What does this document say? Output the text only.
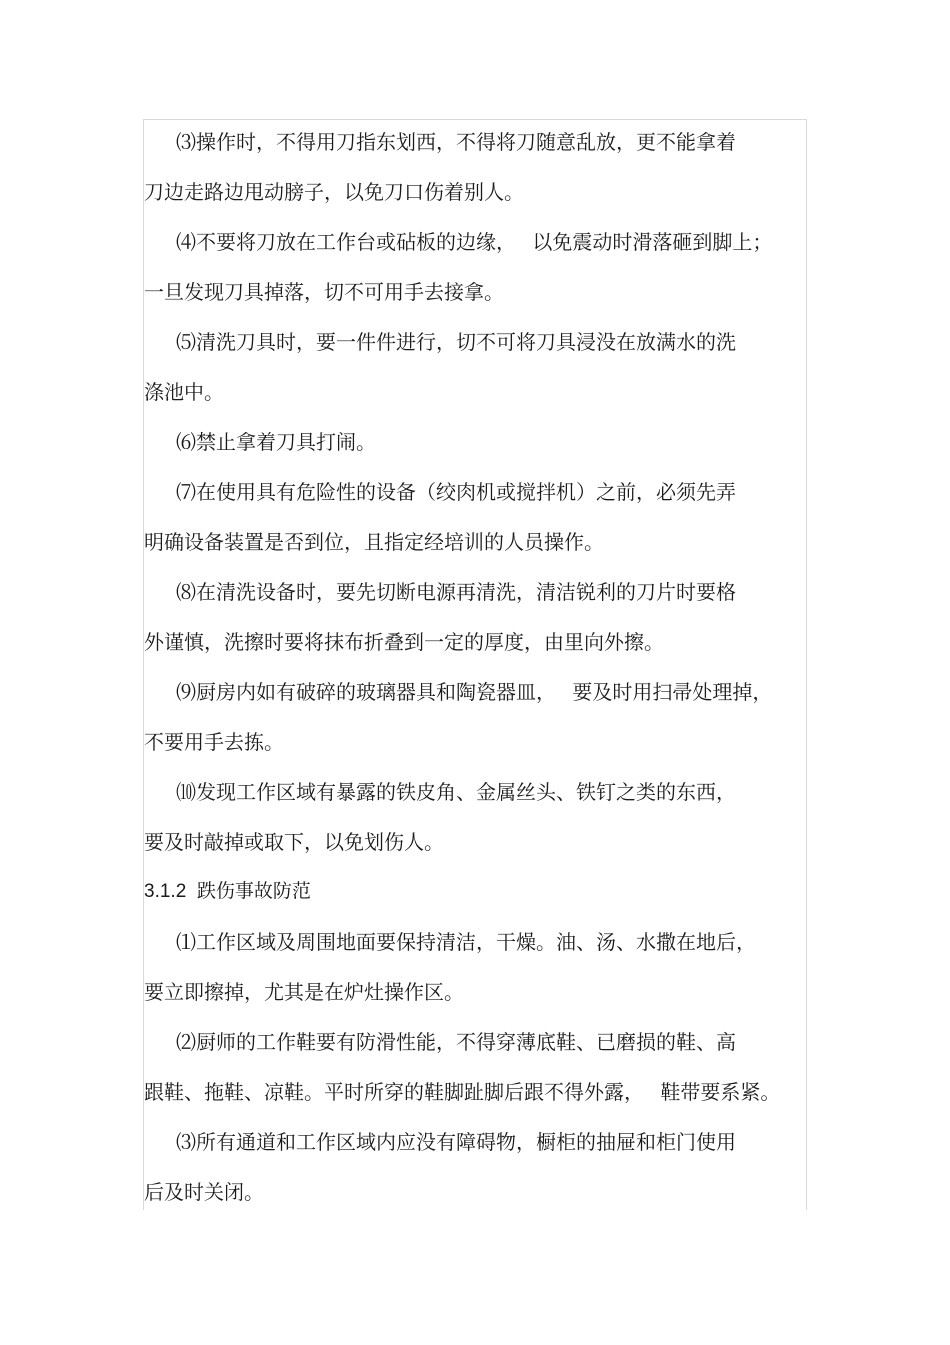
⑶操作时，不得用刀指东划西，不得将刀随意乱放，更不能拿着
刀边走路边甩动膀子，以免刀口伤着别人。
⑷不要将刀放在工作台或砧板的边缘，　 以免震动时滑落砸到脚上；
一旦发现刀具掉落，切不可用手去接拿。
⑸清洗刀具时，要一件件进行，切不可将刀具浸没在放满水的洗
涤池中。
⑹禁止拿着刀具打闹。
⑺在使用具有危险性的设备（绞肉机或搅拌机）之前，必须先弄
明确设备装置是否到位，且指定经培训的人员操作。
⑻在清洗设备时，要先切断电源再清洗，清洁锐利的刀片时要格
外谨慎，洗擦时要将抹布折叠到一定的厚度，由里向外擦。
⑼厨房内如有破碎的玻璃器具和陶瓷器皿，　 要及时用扫帚处理掉，
不要用手去拣。
⑽发现工作区域有暴露的铁皮角、金属丝头、铁钉之类的东西，
要及时敲掉或取下，以免划伤人。
3.1.2  跌伤事故防范
⑴工作区域及周围地面要保持清洁，干燥。油、汤、水撒在地后，
要立即擦掉，尤其是在炉灶操作区。
⑵厨师的工作鞋要有防滑性能，不得穿薄底鞋、已磨损的鞋、高
跟鞋、拖鞋、凉鞋。平时所穿的鞋脚趾脚后跟不得外露，　 鞋带要系紧。
⑶所有通道和工作区域内应没有障碍物，橱柜的抽屉和柜门使用
后及时关闭。
